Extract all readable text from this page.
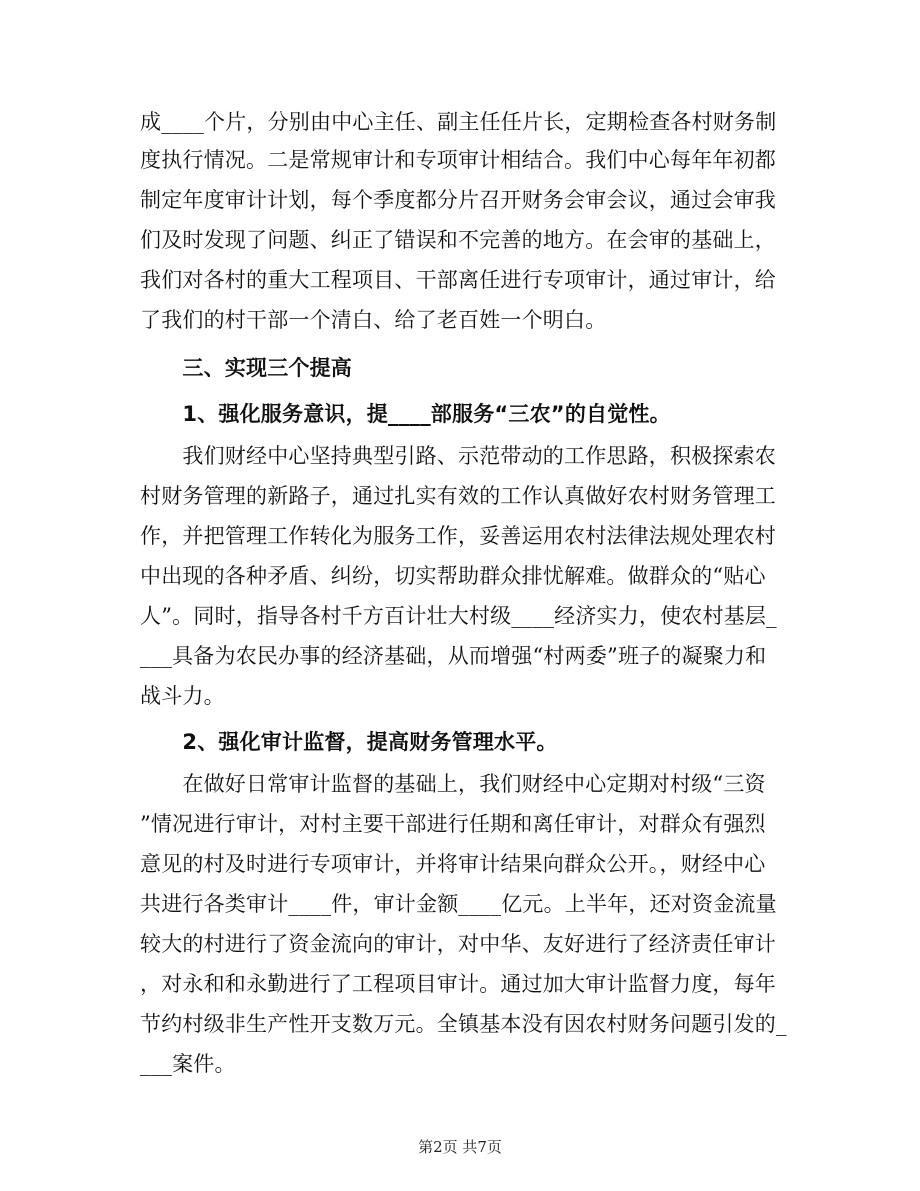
成____个片，分别由中心主任、副主任任片长，定期检查各村财务制
度执行情况。二是常规审计和专项审计相结合。我们中心每年年初都
制定年度审计计划，每个季度都分片召开财务会审会议，通过会审我
们及时发现了问题、纠正了错误和不完善的地方。在会审的基础上，
我们对各村的重大工程项目、干部离任进行专项审计，通过审计，给
了我们的村干部一个清白、给了老百姓一个明白。
　　三、实现三个提高
　　1、强化服务意识，提____部服务“三农”的自觉性。
　　我们财经中心坚持典型引路、示范带动的工作思路，积极探索农
村财务管理的新路子，通过扎实有效的工作认真做好农村财务管理工
作，并把管理工作转化为服务工作，妥善运用农村法律法规处理农村
中出现的各种矛盾、纠纷，切实帮助群众排忧解难。做群众的“贴心
人”。同时，指导各村千方百计壮大村级____经济实力，使农村基层_
___具备为农民办事的经济基础，从而增强“村两委”班子的凝聚力和
战斗力。
　　2、强化审计监督，提高财务管理水平。
　　在做好日常审计监督的基础上，我们财经中心定期对村级“三资
”情况进行审计，对村主要干部进行任期和离任审计，对群众有强烈
意见的村及时进行专项审计，并将审计结果向群众公开。，财经中心
共进行各类审计____件，审计金额____亿元。上半年，还对资金流量
较大的村进行了资金流向的审计，对中华、友好进行了经济责任审计
，对永和和永勤进行了工程项目审计。通过加大审计监督力度，每年
节约村级非生产性开支数万元。全镇基本没有因农村财务问题引发的_
___案件。
第2页 共7页
